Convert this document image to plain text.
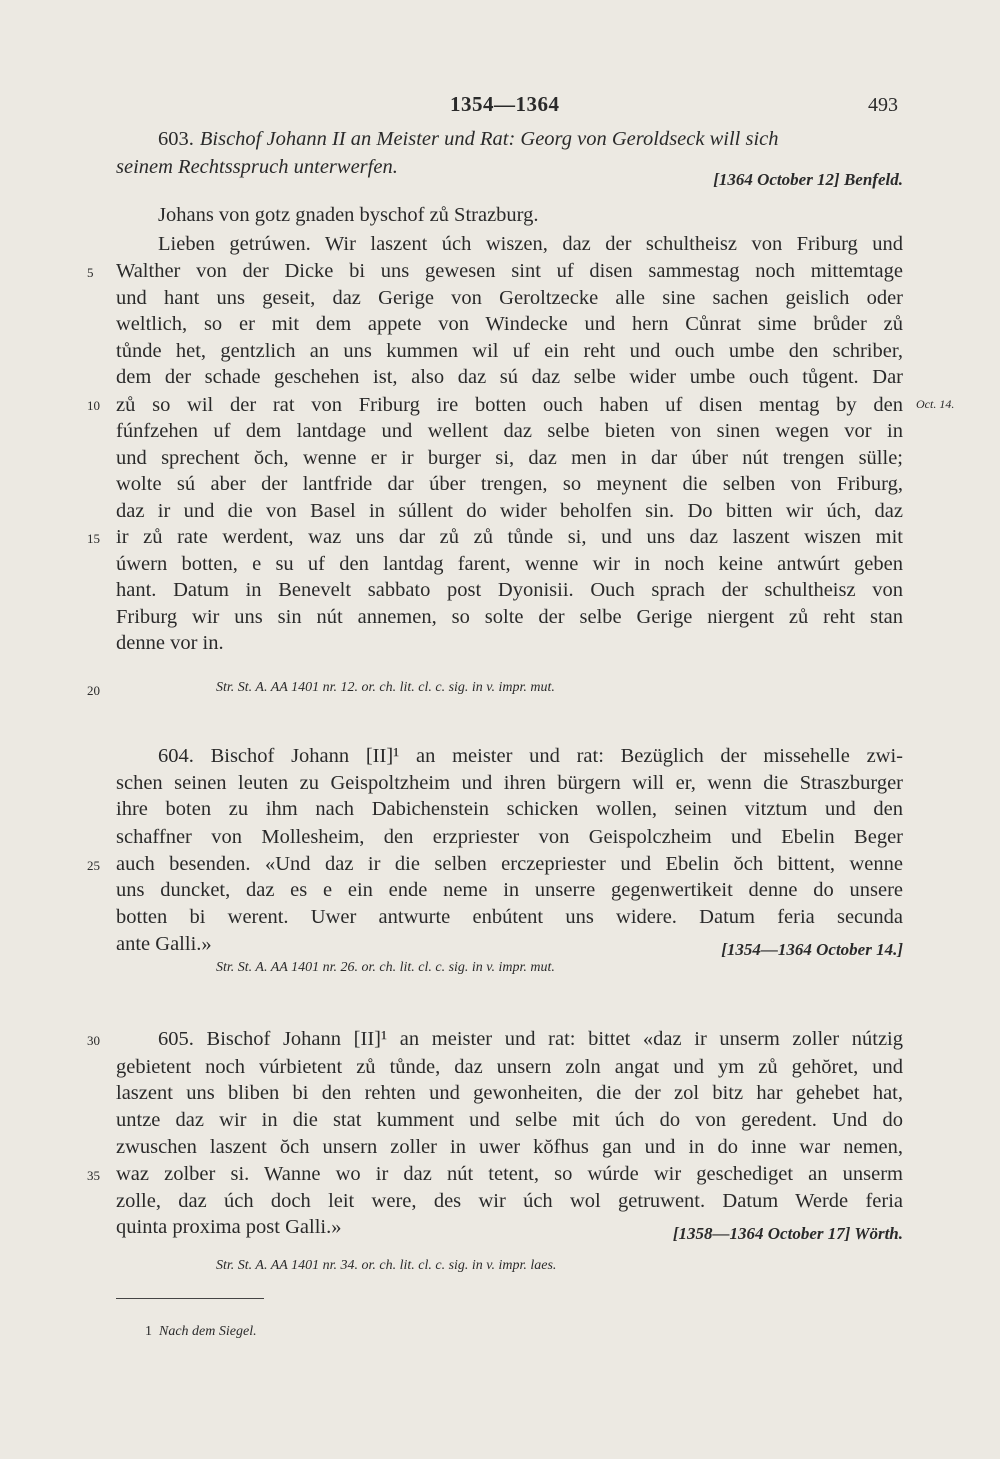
1354—1364	493
603. Bischof Johann II an Meister und Rat: Georg von Geroldseck will sich
seinem Rechtsspruch unterwerfen.
[1364 October 12] Benfeld.
Johans von gotz gnaden byschof zů Strazburg.
Lieben getrúwen. Wir laszent úch wiszen, daz der schultheisz von Friburg und
Walther von der Dicke bi uns gewesen sint uf disen sammestag noch mittemtage
und hant uns geseit, daz Gerige von Geroltzecke alle sine sachen geislich oder
weltlich, so er mit dem appete von Windecke und hern Cůnrat sime brůder zů
tůnde het, gentzlich an uns kummen wil uf ein reht und ouch umbe den schriber,
dem der schade geschehen ist, also daz sú daz selbe wider umbe ouch tůgent. Dar
zů so wil der rat von Friburg ire botten ouch haben uf disen mentag by den
fúnfzehen uf dem lantdage und wellent daz selbe bieten von sinen wegen vor in
und sprechent ŏch, wenne er ir burger si, daz men in dar úber nút trengen sülle;
wolte sú aber der lantfride dar úber trengen, so meynent die selben von Friburg,
daz ir und die von Basel in súllent do wider beholfen sin. Do bitten wir úch, daz
ir zů rate werdent, waz uns dar zů zů tůnde si, und uns daz laszent wiszen mit
úwern botten, e su uf den lantdag farent, wenne wir in noch keine antwúrt geben
hant. Datum in Benevelt sabbato post Dyonisii. Ouch sprach der schultheisz von
Friburg wir uns sin nút annemen, so solte der selbe Gerige niergent zů reht stan
denne vor in.
Oct. 14.
Str. St. A. AA 1401 nr. 12. or. ch. lit. cl. c. sig. in v. impr. mut.
604. Bischof Johann [II]¹ an meister und rat: Bezüglich der missehelle zwi-
schen seinen leuten zu Geispoltzheim und ihren bürgern will er, wenn die Straszburger
ihre boten zu ihm nach Dabichenstein schicken wollen, seinen vitztum und den
schaffner von Mollesheim, den erzpriester von Geispolczheim und Ebelin Beger
auch besenden. «Und daz ir die selben erczepriester und Ebelin ŏch bittent, wenne
uns duncket, daz es e ein ende neme in unserre gegenwertikeit denne do unsere
botten bi werent. Uwer antwurte enbútent uns widere. Datum feria secunda
ante Galli.»	[1354—1364 October 14.]
Str. St. A. AA 1401 nr. 26. or. ch. lit. cl. c. sig. in v. impr. mut.
605. Bischof Johann [II]¹ an meister und rat: bittet «daz ir unserm zoller nútzig
gebietent noch vúrbietent zů tůnde, daz unsern zoln angat und ym zů gehŏret, und
laszent uns bliben bi den rehten und gewonheiten, die der zol bitz har gehebet hat,
untze daz wir in die stat kumment und selbe mit úch do von geredent. Und do
zwuschen laszent ŏch unsern zoller in uwer kŏfhus gan und in do inne war nemen,
waz zolber si. Wanne wo ir daz nút tetent, so wúrde wir geschediget an unserm
zolle, daz úch doch leit were, des wir úch wol getruwent. Datum Werde feria
quinta proxima post Galli.»	[1358—1364 October 17] Wörth.
Str. St. A. AA 1401 nr. 34. or. ch. lit. cl. c. sig. in v. impr. laes.
5
10
15
20
25
30
35
1 Nach dem Siegel.
